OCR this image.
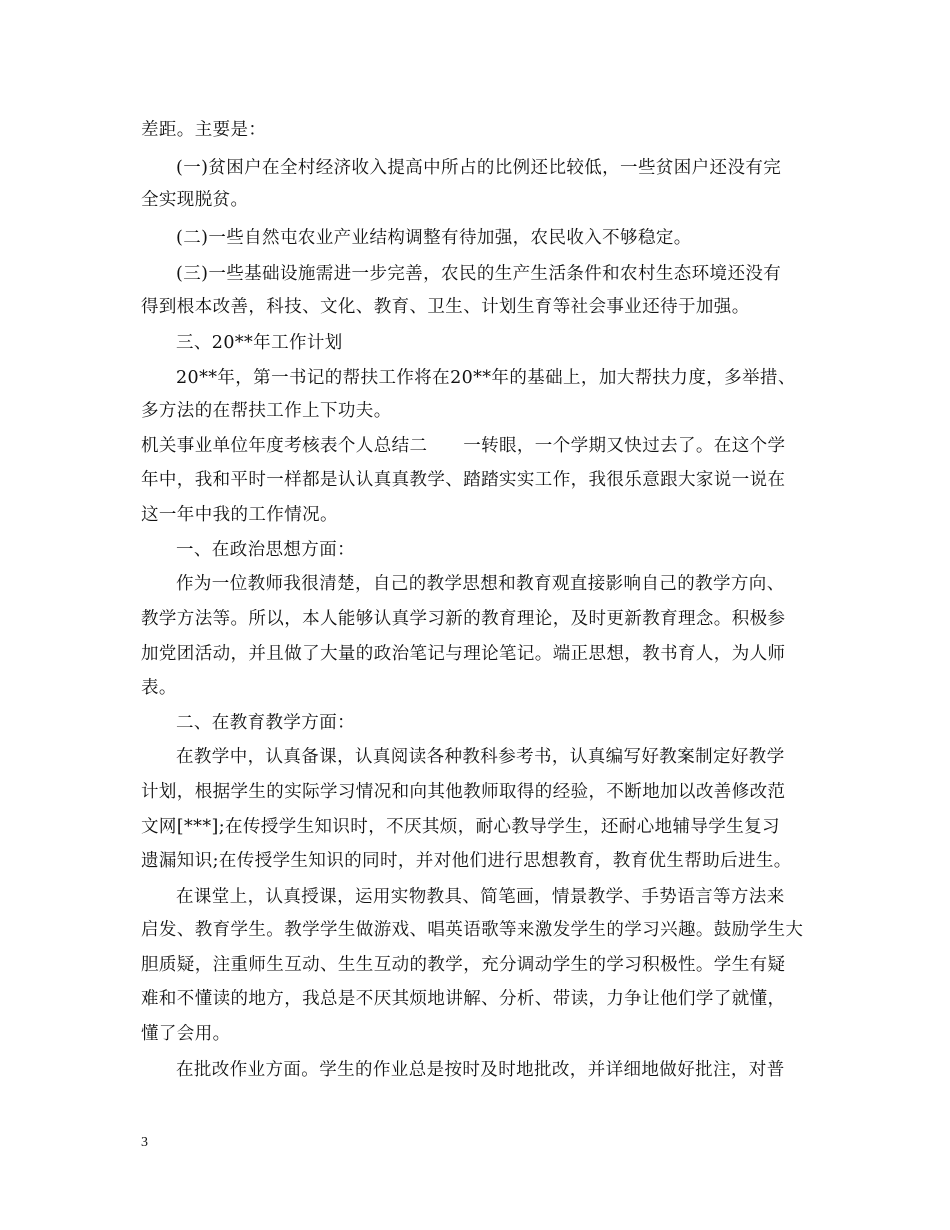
差距。主要是：
(一)贫困户在全村经济收入提高中所占的比例还比较低，一些贫困户还没有完
全实现脱贫。
(二)一些自然屯农业产业结构调整有待加强，农民收入不够稳定。
(三)一些基础设施需进一步完善，农民的生产生活条件和农村生态环境还没有
得到根本改善，科技、文化、教育、卫生、计划生育等社会事业还待于加强。
三、20**年工作计划
20**年，第一书记的帮扶工作将在20**年的基础上，加大帮扶力度，多举措、
多方法的在帮扶工作上下功夫。
机关事业单位年度考核表个人总结二　　一转眼，一个学期又快过去了。在这个学
年中，我和平时一样都是认认真真教学、踏踏实实工作，我很乐意跟大家说一说在
这一年中我的工作情况。
一、在政治思想方面：
作为一位教师我很清楚，自己的教学思想和教育观直接影响自己的教学方向、
教学方法等。所以，本人能够认真学习新的教育理论，及时更新教育理念。积极参
加党团活动，并且做了大量的政治笔记与理论笔记。端正思想，教书育人，为人师
表。
二、在教育教学方面：
在教学中，认真备课，认真阅读各种教科参考书，认真编写好教案制定好教学
计划，根据学生的实际学习情况和向其他教师取得的经验，不断地加以改善修改范
文网[***];在传授学生知识时，不厌其烦，耐心教导学生，还耐心地辅导学生复习
遗漏知识;在传授学生知识的同时，并对他们进行思想教育，教育优生帮助后进生。
在课堂上，认真授课，运用实物教具、简笔画，情景教学、手势语言等方法来
启发、教育学生。教学学生做游戏、唱英语歌等来激发学生的学习兴趣。鼓励学生大
胆质疑，注重师生互动、生生互动的教学，充分调动学生的学习积极性。学生有疑
难和不懂读的地方，我总是不厌其烦地讲解、分析、带读，力争让他们学了就懂，
懂了会用。
在批改作业方面。学生的作业总是按时及时地批改，并详细地做好批注，对普
3
